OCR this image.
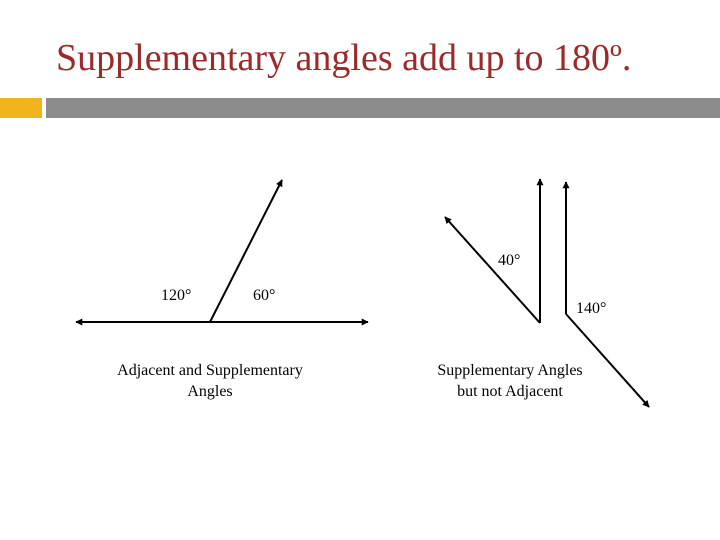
Supplementary angles add up to 180º.
120°	60°
40°
140°
Adjacent and Supplementary
Angles
Supplementary Angles
but not Adjacent
